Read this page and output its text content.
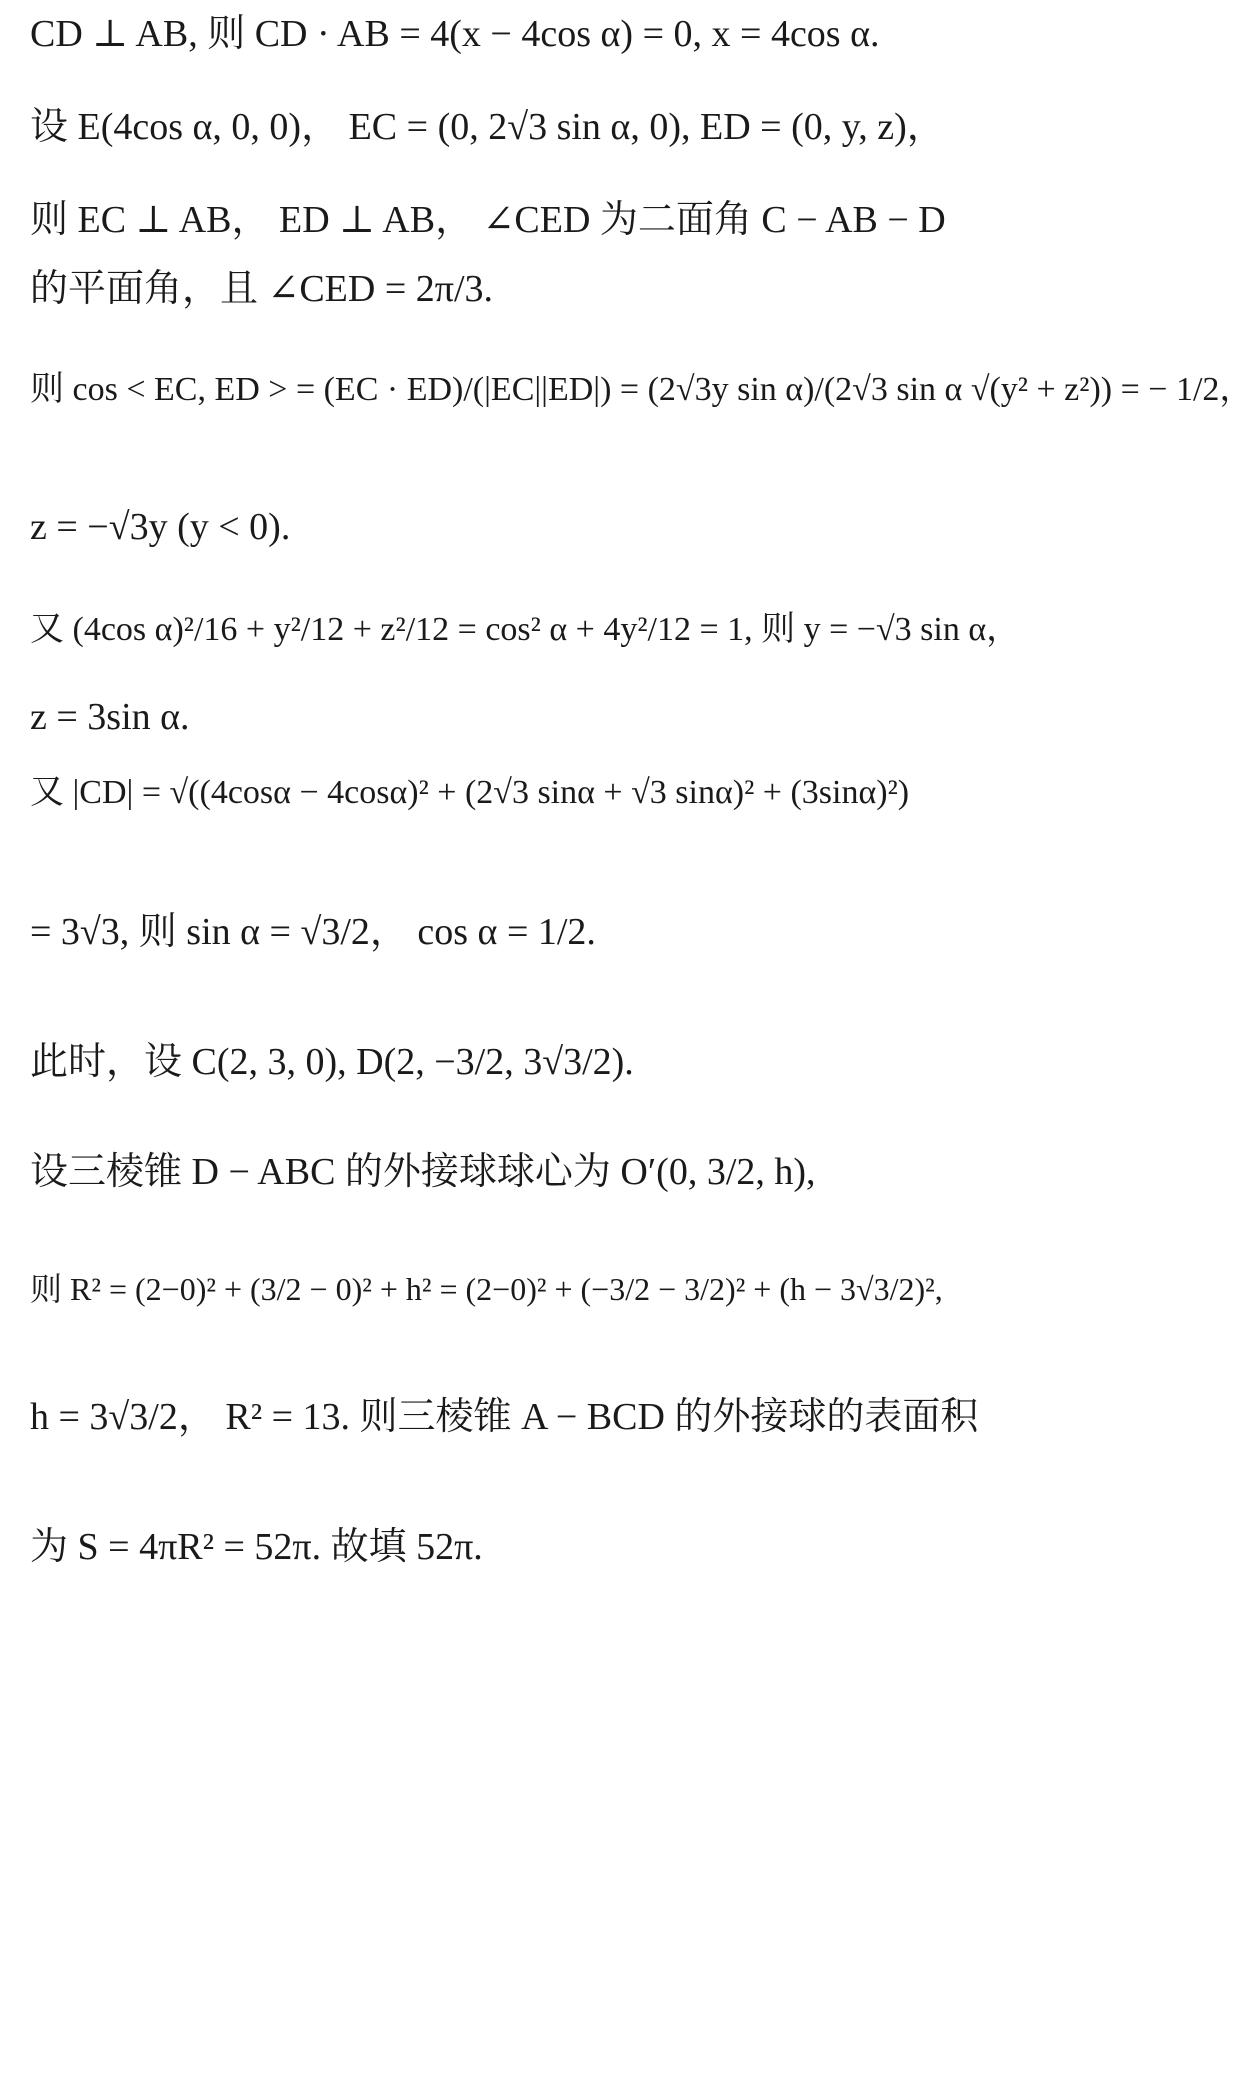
CD ⊥ AB, 则 CD · AB = 4(x − 4cos α) = 0, x = 4cos α.
设 E(4cos α, 0, 0)， EC = (0, 2√3 sin α, 0), ED = (0, y, z)，
则 EC ⊥ AB， ED ⊥ AB， ∠CED 为二面角 C − AB − D
的平面角，且 ∠CED = 2π/3.
则 cos < EC, ED > = (EC · ED)/(|EC||ED|) = (2√3y sin α)/(2√3 sin α √(y² + z²)) = − 1/2，
z = −√3y (y < 0).
又 (4cos α)²/16 + y²/12 + z²/12 = cos² α + 4y²/12 = 1, 则 y = −√3 sin α，
z = 3sin α.
又 |CD| = √((4cosα − 4cosα)² + (2√3 sinα + √3 sinα)² + (3sinα)²)
= 3√3, 则 sin α = √3/2， cos α = 1/2.
此时，设 C(2, 3, 0), D(2, −3/2, 3√3/2).
设三棱锥 D − ABC 的外接球球心为 O′(0, 3/2, h),
则 R² = (2−0)² + (3/2 − 0)² + h² = (2−0)² + (−3/2 − 3/2)² + (h − 3√3/2)²,
h = 3√3/2， R² = 13. 则三棱锥 A − BCD 的外接球的表面积
为 S = 4πR² = 52π. 故填 52π.
